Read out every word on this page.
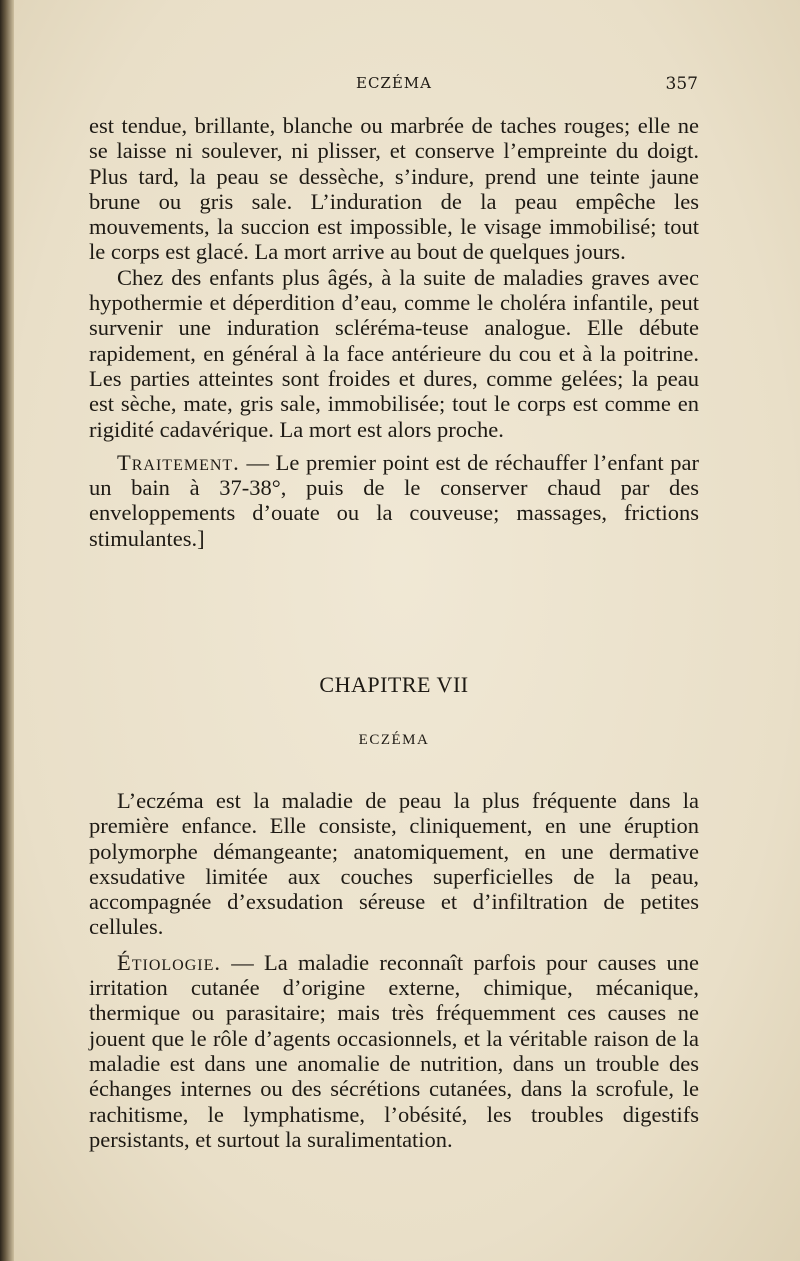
ECZÉMA	357

est tendue, brillante, blanche ou marbrée de taches rouges; elle ne se laisse ni soulever, ni plisser, et conserve l’empreinte du doigt. Plus tard, la peau se dessèche, s’indure, prend une teinte jaune brune ou gris sale. L’induration de la peau empêche les mouvements, la succion est impossible, le visage immobilisé; tout le corps est glacé. La mort arrive au bout de quelques jours.

Chez des enfants plus âgés, à la suite de maladies graves avec hypothermie et déperdition d’eau, comme le choléra infantile, peut survenir une induration scléréma-teuse analogue. Elle débute rapidement, en général à la face antérieure du cou et à la poitrine. Les parties atteintes sont froides et dures, comme gelées; la peau est sèche, mate, gris sale, immobilisée; tout le corps est comme en rigidité cadavérique. La mort est alors proche.

Traitement. — Le premier point est de réchauffer l’enfant par un bain à 37-38°, puis de le conserver chaud par des enveloppements d’ouate ou la couveuse; massages, frictions stimulantes.]

CHAPITRE VII
ECZÉMA

L’eczéma est la maladie de peau la plus fréquente dans la première enfance. Elle consiste, cliniquement, en une éruption polymorphe démangeante; anatomiquement, en une dermative exsudative limitée aux couches superficielles de la peau, accompagnée d’exsudation séreuse et d’infiltration de petites cellules.

Étiologie. — La maladie reconnaît parfois pour causes une irritation cutanée d’origine externe, chimique, mécanique, thermique ou parasitaire; mais très fréquemment ces causes ne jouent que le rôle d’agents occasionnels, et la véritable raison de la maladie est dans une anomalie de nutrition, dans un trouble des échanges internes ou des sécrétions cutanées, dans la scrofule, le rachitisme, le lymphatisme, l’obésité, les troubles digestifs persistants, et surtout la suralimentation.
